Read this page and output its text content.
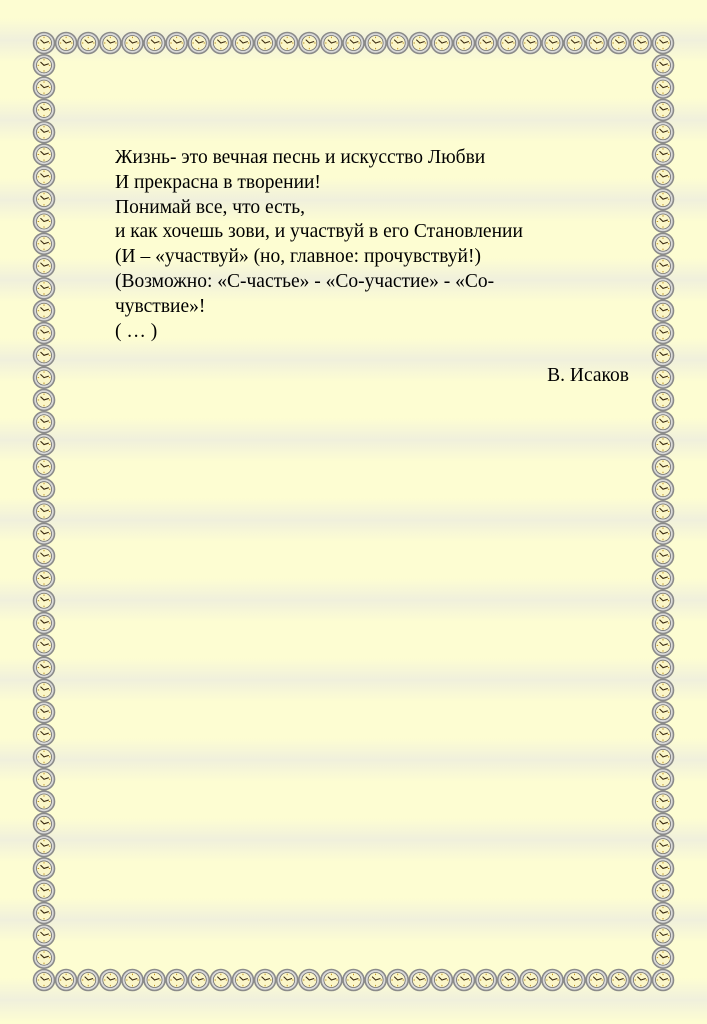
Жизнь- это вечная песнь и искусство Любви
И прекрасна в творении!
Понимай все, что есть,
и как хочешь зови, и участвуй в его Становлении
(И – «участвуй» (но, главное: прочувствуй!)
(Возможно: «С-частье» - «Со-участие» - «Со-
чувствие»!
( … )
В. Исаков
